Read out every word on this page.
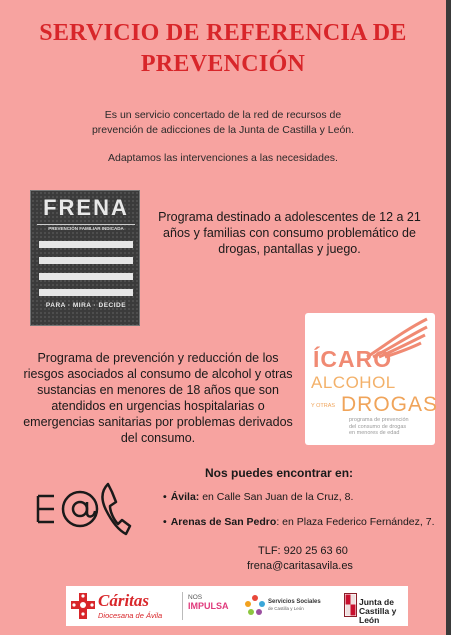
SERVICIO DE REFERENCIA DE
PREVENCIÓN
Es un servicio concertado de la red de recursos de
prevención de adicciones de la Junta de Castilla y León.
Adaptamos las intervenciones a las necesidades.
FRENA
PREVENCIÓN FAMILIAR INDICADA
PARA · MIRA · DECIDE
Programa destinado a adolescentes de 12 a 21
años y familias con consumo problemático de
drogas, pantallas y juego.
ÍCARO
ALCOHOL
Y OTRAS DROGAS
programa de prevención
del consumo de drogas
en menores de edad
Programa de prevención y reducción de los
riesgos asociados al consumo de alcohol y otras
sustancias en menores de 18 años que son
atendidos en urgencias hospitalarias o
emergencias sanitarias por problemas derivados
del consumo.
Nos puedes encontrar en:
• Ávila: en Calle San Juan de la Cruz, 8.
• Arenas de San Pedro: en Plaza Federico Fernández, 7.
TLF: 920 25 63 60
frena@caritasavila.es
Cáritas
Diocesana de Ávila
NOS
IMPULSA	Servicios Sociales
de Castilla y León
Junta de
Castilla y León
